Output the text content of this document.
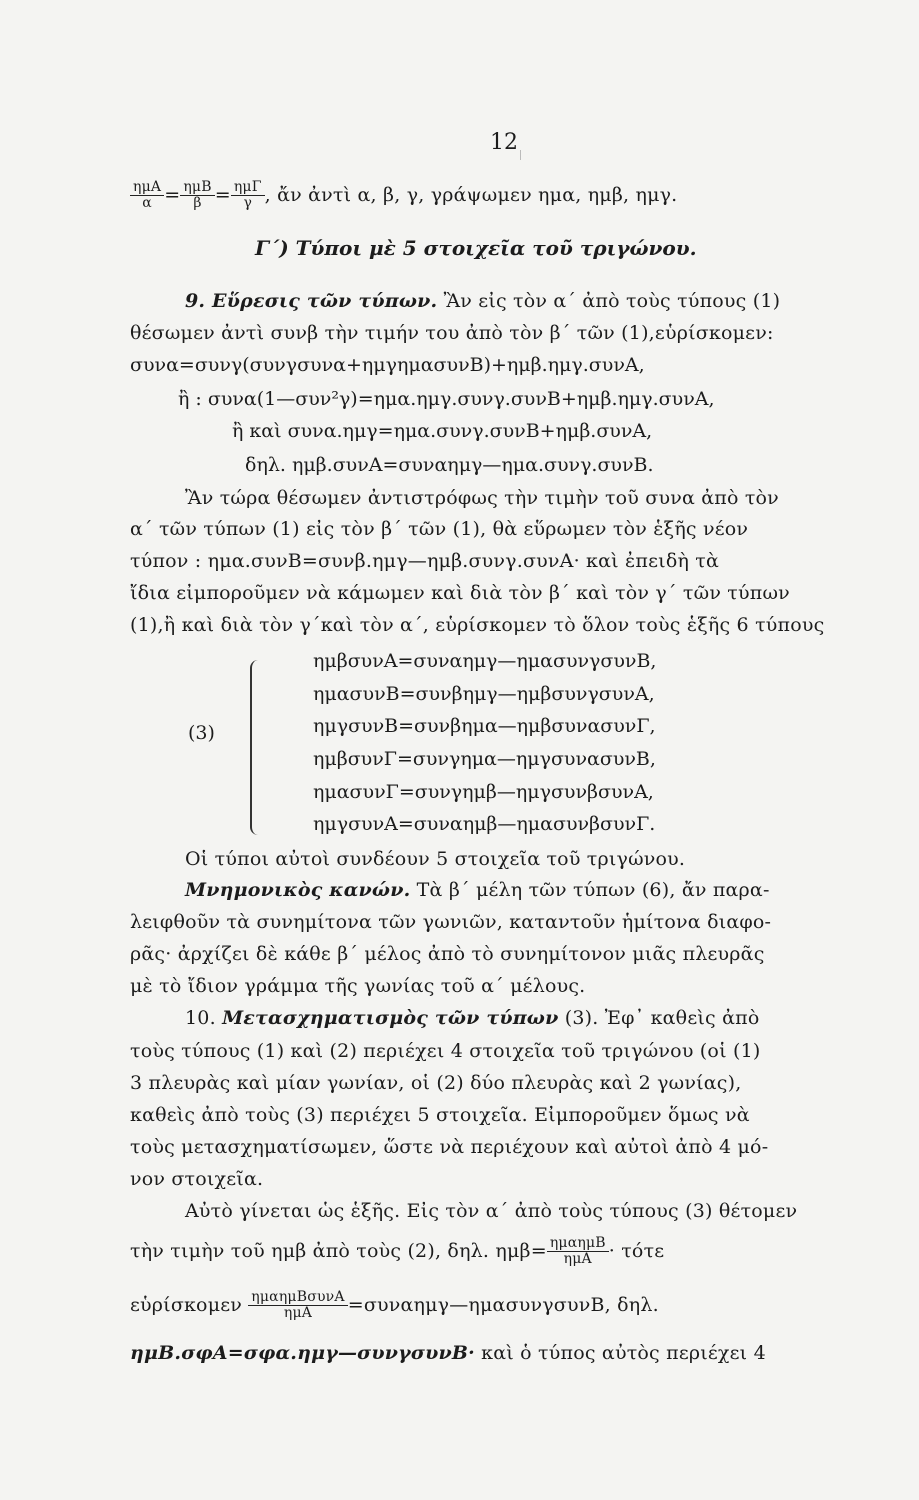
12
$\frac{\text{ημΑ}}{\alpha} = \frac{\text{ημΒ}}{\beta} = \frac{\text{ημΓ}}{\gamma}$ , ἄν ἀντὶ α, β, γ, γράψωμεν ημα, ημβ, ημγ.
Γ΄) Τύποι μὲ 5 στοιχεῖα τοῦ τριγώνου.
9. Εὕρεσις τῶν τύπων. Ἂν εἰς τὸν α΄ ἀπὸ τοὺς τύπους (1)
θέσωμεν ἀντὶ συνβ τὴν τιμήν του ἀπὸ τὸν β΄ τῶν (1),εὑρίσκομεν:
συνα=συνγ(συνγσυνα+ημγημασυνΒ)+ημβ.ημγ.συνΑ,
ἢ : συνα(1—συν²γ)=ημα.ημγ.συνγ.συνΒ+ημβ.ημγ.συνΑ,
ἢ καὶ συνα.ημγ=ημα.συνγ.συνΒ+ημβ.συνΑ,
δηλ. ημβ.συνΑ=συναημγ—ημα.συνγ.συνΒ.
Ἂν τώρα θέσωμεν ἀντιστρόφως τὴν τιμὴν τοῦ συνα ἀπὸ τὸν
α΄ τῶν τύπων (1) εἰς τὸν β΄ τῶν (1), θὰ εὕρωμεν τὸν ἑξῆς νέον
τύπον : ημα.συνΒ=συνβ.ημγ—ημβ.συνγ.συνΑ· καὶ ἐπειδὴ τὰ
ἴδια εἰμποροῦμεν νὰ κάμωμεν καὶ διὰ τὸν β΄ καὶ τὸν γ΄ τῶν τύπων
(1),ἢ καὶ διὰ τὸν γ΄καὶ τὸν α΄, εὑρίσκομεν τὸ ὅλον τοὺς ἑξῆς 6 τύπους
(3)
ημβσυνΑ=συναημγ—ημασυνγσυνΒ,
ημασυνΒ=συνβημγ—ημβσυνγσυνΑ,
ημγσυνΒ=συνβημα—ημβσυνασυνΓ,
ημβσυνΓ=συνγημα—ημγσυνασυνΒ,
ημασυνΓ=συνγημβ—ημγσυνβσυνΑ,
ημγσυνΑ=συναημβ—ημασυνβσυνΓ.
Οἱ τύποι αὐτοὶ συνδέουν 5 στοιχεῖα τοῦ τριγώνου.
Μνημονικὸς κανών. Τὰ β΄ μέλη τῶν τύπων (6), ἄν παρα-
λειφθοῦν τὰ συνημίτονα τῶν γωνιῶν, καταντοῦν ἡμίτονα διαφο-
ρᾶς· ἀρχίζει δὲ κάθε β΄ μέλος ἀπὸ τὸ συνημίτονον μιᾶς πλευρᾶς
μὲ τὸ ἴδιον γράμμα τῆς γωνίας τοῦ α΄ μέλους.
10. Μετασχηματισμὸς τῶν τύπων (3). Ἐφ᾽ καθεὶς ἀπὸ
τοὺς τύπους (1) καὶ (2) περιέχει 4 στοιχεῖα τοῦ τριγώνου (οἱ (1)
3 πλευρὰς καὶ μίαν γωνίαν, οἱ (2) δύο πλευρὰς καὶ 2 γωνίας),
καθεὶς ἀπὸ τοὺς (3) περιέχει 5 στοιχεῖα. Εἰμποροῦμεν ὅμως νὰ
τοὺς μετασχηματίσωμεν, ὥστε νὰ περιέχουν καὶ αὐτοὶ ἀπὸ 4 μό-
νον στοιχεῖα.
Αὐτὸ γίνεται ὡς ἑξῆς. Εἰς τὸν α΄ ἀπὸ τοὺς τύπους (3) θέτομεν
τὴν τιμὴν τοῦ ημβ ἀπὸ τοὺς (2), δηλ. $\eta\mu\beta= \frac{\text{ημαημΒ}}{\text{ημΑ}} \cdot \tau ό\tau\varepsilon$
εὑρίσκομεν $\frac{\text{ημαημΒσυνΑ}}{\text{ημΑ}}$ =συναημγ—ημασυνγσυνΒ, δηλ.
ημΒ.σφΑ=σφα.ημγ—συνγσυνΒ· καὶ ὁ τύπος αὐτὸς περιέχει 4
